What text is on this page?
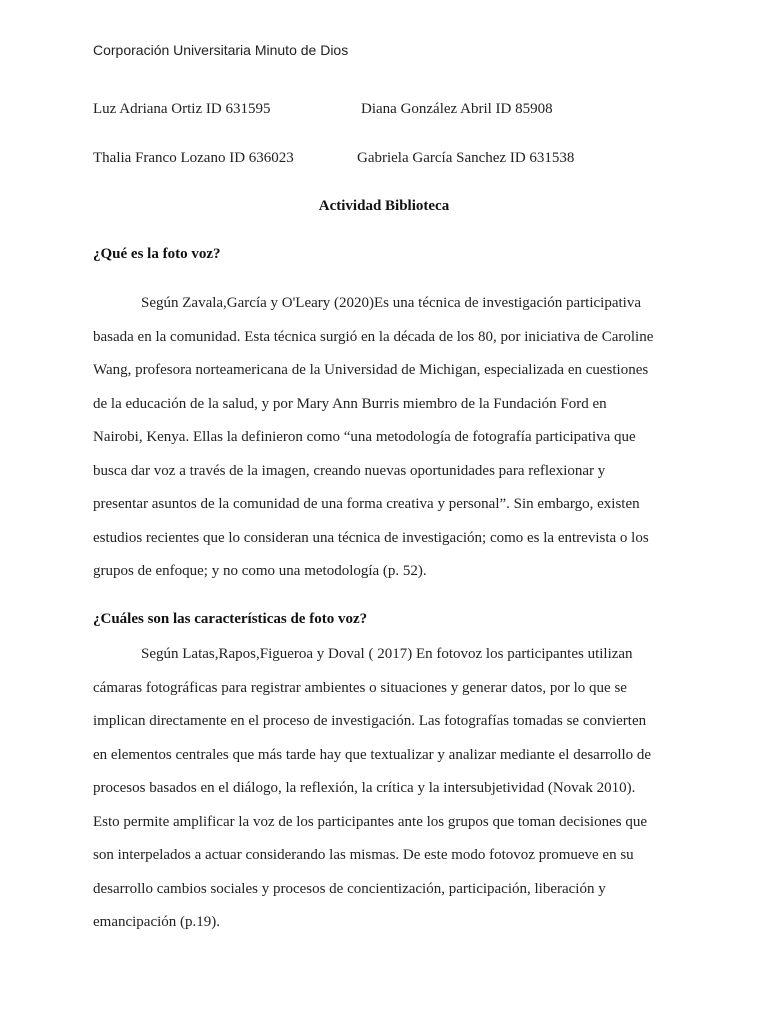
Corporación Universitaria Minuto de Dios
Luz Adriana Ortiz ID 631595	Diana González Abril ID 85908
Thalia Franco Lozano ID 636023	Gabriela García Sanchez ID 631538
Actividad Biblioteca
¿Qué es la foto voz?
Según Zavala,García y O'Leary (2020)Es una técnica de investigación participativa
basada en la comunidad. Esta técnica surgió en la década de los 80, por iniciativa de Caroline
Wang, profesora norteamericana de la Universidad de Michigan, especializada en cuestiones
de la educación de la salud, y por Mary Ann Burris miembro de la Fundación Ford en
Nairobi, Kenya. Ellas la definieron como “una metodología de fotografía participativa que
busca dar voz a través de la imagen, creando nuevas oportunidades para reflexionar y
presentar asuntos de la comunidad de una forma creativa y personal”. Sin embargo, existen
estudios recientes que lo consideran una técnica de investigación; como es la entrevista o los
grupos de enfoque; y no como una metodología (p. 52).
¿Cuáles son las características de foto voz?
Según Latas,Rapos,Figueroa y Doval ( 2017) En fotovoz los participantes utilizan
cámaras fotográficas para registrar ambientes o situaciones y generar datos, por lo que se
implican directamente en el proceso de investigación. Las fotografías tomadas se convierten
en elementos centrales que más tarde hay que textualizar y analizar mediante el desarrollo de
procesos basados en el diálogo, la reflexión, la crítica y la intersubjetividad (Novak 2010).
Esto permite amplificar la voz de los participantes ante los grupos que toman decisiones que
son interpelados a actuar considerando las mismas. De este modo fotovoz promueve en su
desarrollo cambios sociales y procesos de concientización, participación, liberación y
emancipación (p.19).
